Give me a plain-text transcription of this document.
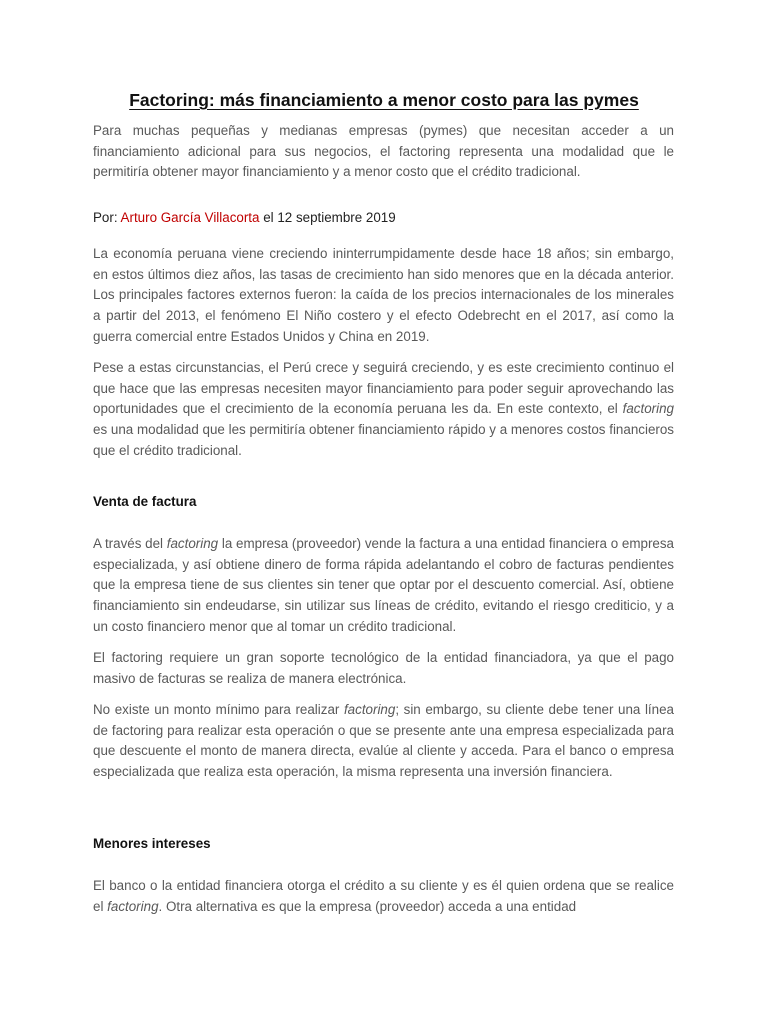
Factoring: más financiamiento a menor costo para las pymes

Para muchas pequeñas y medianas empresas (pymes) que necesitan acceder a un financiamiento adicional para sus negocios, el factoring representa una modalidad que le permitiría obtener mayor financiamiento y a menor costo que el crédito tradicional.

Por: Arturo García Villacorta el 12 septiembre 2019

La economía peruana viene creciendo ininterrumpidamente desde hace 18 años; sin embargo, en estos últimos diez años, las tasas de crecimiento han sido menores que en la década anterior. Los principales factores externos fueron: la caída de los precios internacionales de los minerales a partir del 2013, el fenómeno El Niño costero y el efecto Odebrecht en el 2017, así como la guerra comercial entre Estados Unidos y China en 2019.

Pese a estas circunstancias, el Perú crece y seguirá creciendo, y es este crecimiento continuo el que hace que las empresas necesiten mayor financiamiento para poder seguir aprovechando las oportunidades que el crecimiento de la economía peruana les da. En este contexto, el factoring es una modalidad que les permitiría obtener financiamiento rápido y a menores costos financieros que el crédito tradicional.

Venta de factura

A través del factoring la empresa (proveedor) vende la factura a una entidad financiera o empresa especializada, y así obtiene dinero de forma rápida adelantando el cobro de facturas pendientes que la empresa tiene de sus clientes sin tener que optar por el descuento comercial. Así, obtiene financiamiento sin endeudarse, sin utilizar sus líneas de crédito, evitando el riesgo crediticio, y a un costo financiero menor que al tomar un crédito tradicional.

El factoring requiere un gran soporte tecnológico de la entidad financiadora, ya que el pago masivo de facturas se realiza de manera electrónica.

No existe un monto mínimo para realizar factoring; sin embargo, su cliente debe tener una línea de factoring para realizar esta operación o que se presente ante una empresa especializada para que descuente el monto de manera directa, evalúe al cliente y acceda. Para el banco o empresa especializada que realiza esta operación, la misma representa una inversión financiera.

Menores intereses

El banco o la entidad financiera otorga el crédito a su cliente y es él quien ordena que se realice el factoring. Otra alternativa es que la empresa (proveedor) acceda a una entidad
